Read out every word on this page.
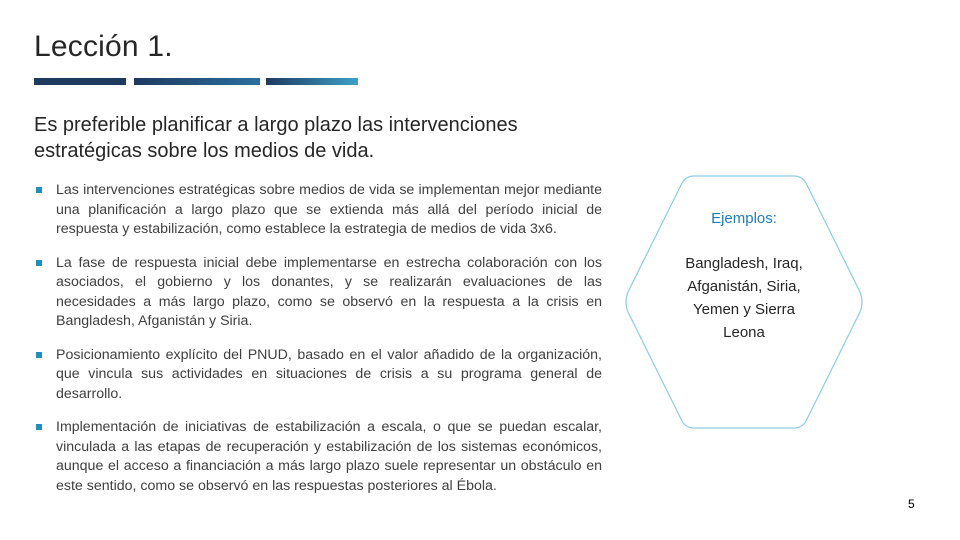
Lección 1.
Es preferible planificar a largo plazo las intervenciones estratégicas sobre los medios de vida.
Las intervenciones estratégicas sobre medios de vida se implementan mejor mediante una planificación a largo plazo que se extienda más allá del período inicial de respuesta y estabilización, como establece la estrategia de medios de vida 3x6.
La fase de respuesta inicial debe implementarse en estrecha colaboración con los asociados, el gobierno y los donantes, y se realizarán evaluaciones de las necesidades a más largo plazo, como se observó en la respuesta a la crisis en Bangladesh, Afganistán y Siria.
Posicionamiento explícito del PNUD, basado en el valor añadido de la organización, que vincula sus actividades en situaciones de crisis a su programa general de desarrollo.
Implementación de iniciativas de estabilización a escala, o que se puedan escalar, vinculada a las etapas de recuperación y estabilización de los sistemas económicos, aunque el acceso a financiación a más largo plazo suele representar un obstáculo en este sentido, como se observó en las respuestas posteriores al Ébola.
Ejemplos:
Bangladesh, Iraq, Afganistán, Siria, Yemen y Sierra Leona
5
